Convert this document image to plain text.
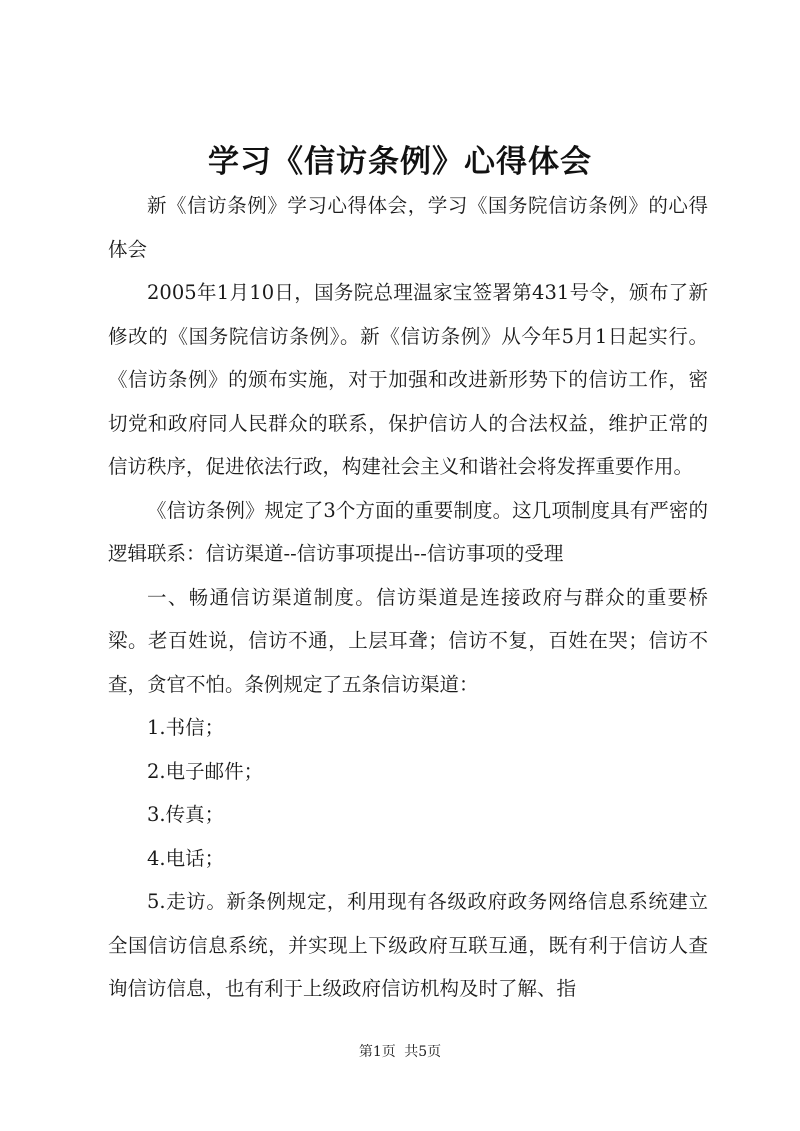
学习《信访条例》心得体会

新《信访条例》学习心得体会，学习《国务院信访条例》的心得体会

2005年1月10日，国务院总理温家宝签署第431号令，颁布了新修改的《国务院信访条例》。新《信访条例》从今年5月1日起实行。《信访条例》的颁布实施，对于加强和改进新形势下的信访工作，密切党和政府同人民群众的联系，保护信访人的合法权益，维护正常的信访秩序，促进依法行政，构建社会主义和谐社会将发挥重要作用。

《信访条例》规定了3个方面的重要制度。这几项制度具有严密的逻辑联系：信访渠道--信访事项提出--信访事项的受理

一、畅通信访渠道制度。信访渠道是连接政府与群众的重要桥梁。老百姓说，信访不通，上层耳聋；信访不复，百姓在哭；信访不查，贪官不怕。条例规定了五条信访渠道：

1.书信；

2.电子邮件；

3.传真；

4.电话；

5.走访。新条例规定，利用现有各级政府政务网络信息系统建立全国信访信息系统，并实现上下级政府互联互通，既有利于信访人查询信访信息，也有利于上级政府信访机构及时了解、指

第1页 共5页
